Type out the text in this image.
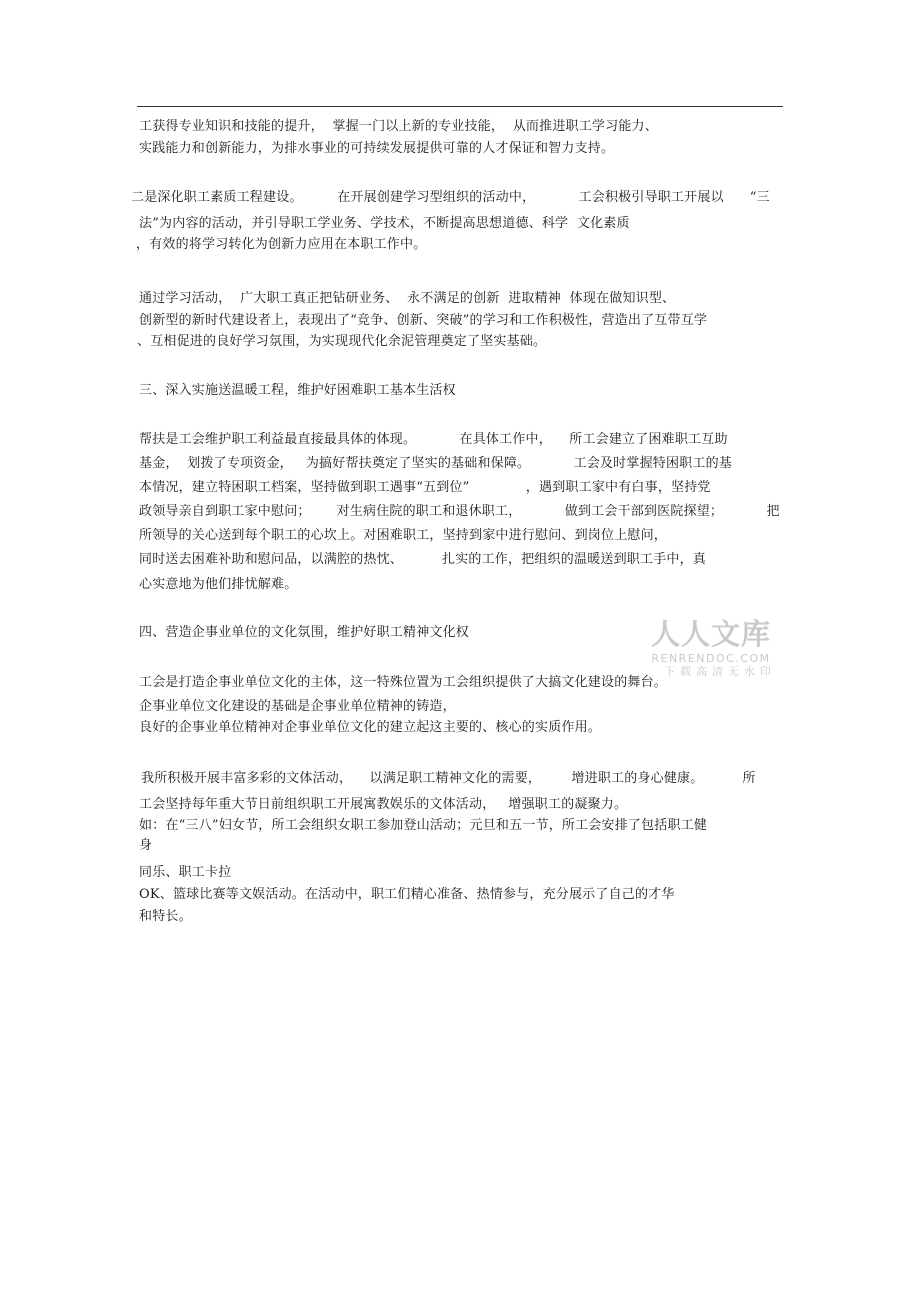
工获得专业知识和技能的提升，  掌握一门以上新的专业技能，  从而推进职工学习能力、
实践能力和创新能力，为排水事业的可持续发展提供可靠的人才保证和智力支持。
二是深化职工素质工程建设。        在开展创建学习型组织的活动中，          工会积极引导职工开展以      “三
法”为内容的活动，并引导职工学业务、学技术，不断提高思想道德、科学  文化素质
，有效的将学习转化为创新力应用在本职工作中。
通过学习活动，  广大职工真正把钻研业务、  永不满足的创新  进取精神  体现在做知识型、
创新型的新时代建设者上，表现出了“竞争、创新、突破”的学习和工作积极性，营造出了互带互学
、互相促进的良好学习氛围，为实现现代化余泥管理奠定了坚实基础。
三、深入实施送温暖工程，维护好困难职工基本生活权
帮扶是工会维护职工利益最直接最具体的体现。          在具体工作中，    所工会建立了困难职工互助
基金，  划拨了专项资金，   为搞好帮扶奠定了坚实的基础和保障。          工会及时掌握特困职工的基
本情况，建立特困职工档案，坚持做到职工遇事“五到位”             ，遇到职工家中有白事，坚持党
政领导亲自到职工家中慰问；      对生病住院的职工和退休职工，          做到工会干部到医院探望；          把
所领导的关心送到每个职工的心坎上。对困难职工，坚持到家中进行慰问、到岗位上慰问，
同时送去困难补助和慰问品，以满腔的热忱、         扎实的工作，把组织的温暖送到职工手中，真
心实意地为他们排忧解难。
四、营造企事业单位的文化氛围，维护好职工精神文化权
工会是打造企事业单位文化的主体，这一特殊位置为工会组织提供了大搞文化建设的舞台。
企事业单位文化建设的基础是企事业单位精神的铸造，
良好的企事业单位精神对企事业单位文化的建立起这主要的、核心的实质作用。
我所积极开展丰富多彩的文体活动，    以满足职工精神文化的需要，       增进职工的身心健康。         所
工会坚持每年重大节日前组织职工开展寓教娱乐的文体活动，   增强职工的凝聚力。
如：在“三八”妇女节，所工会组织女职工参加登山活动；元旦和五一节，所工会安排了包括职工健
身
同乐、职工卡拉
OK、篮球比赛等文娱活动。在活动中，职工们精心准备、热情参与，充分展示了自己的才华
和特长。
人人文库
RENRENDOC.COM
下载高清无水印
